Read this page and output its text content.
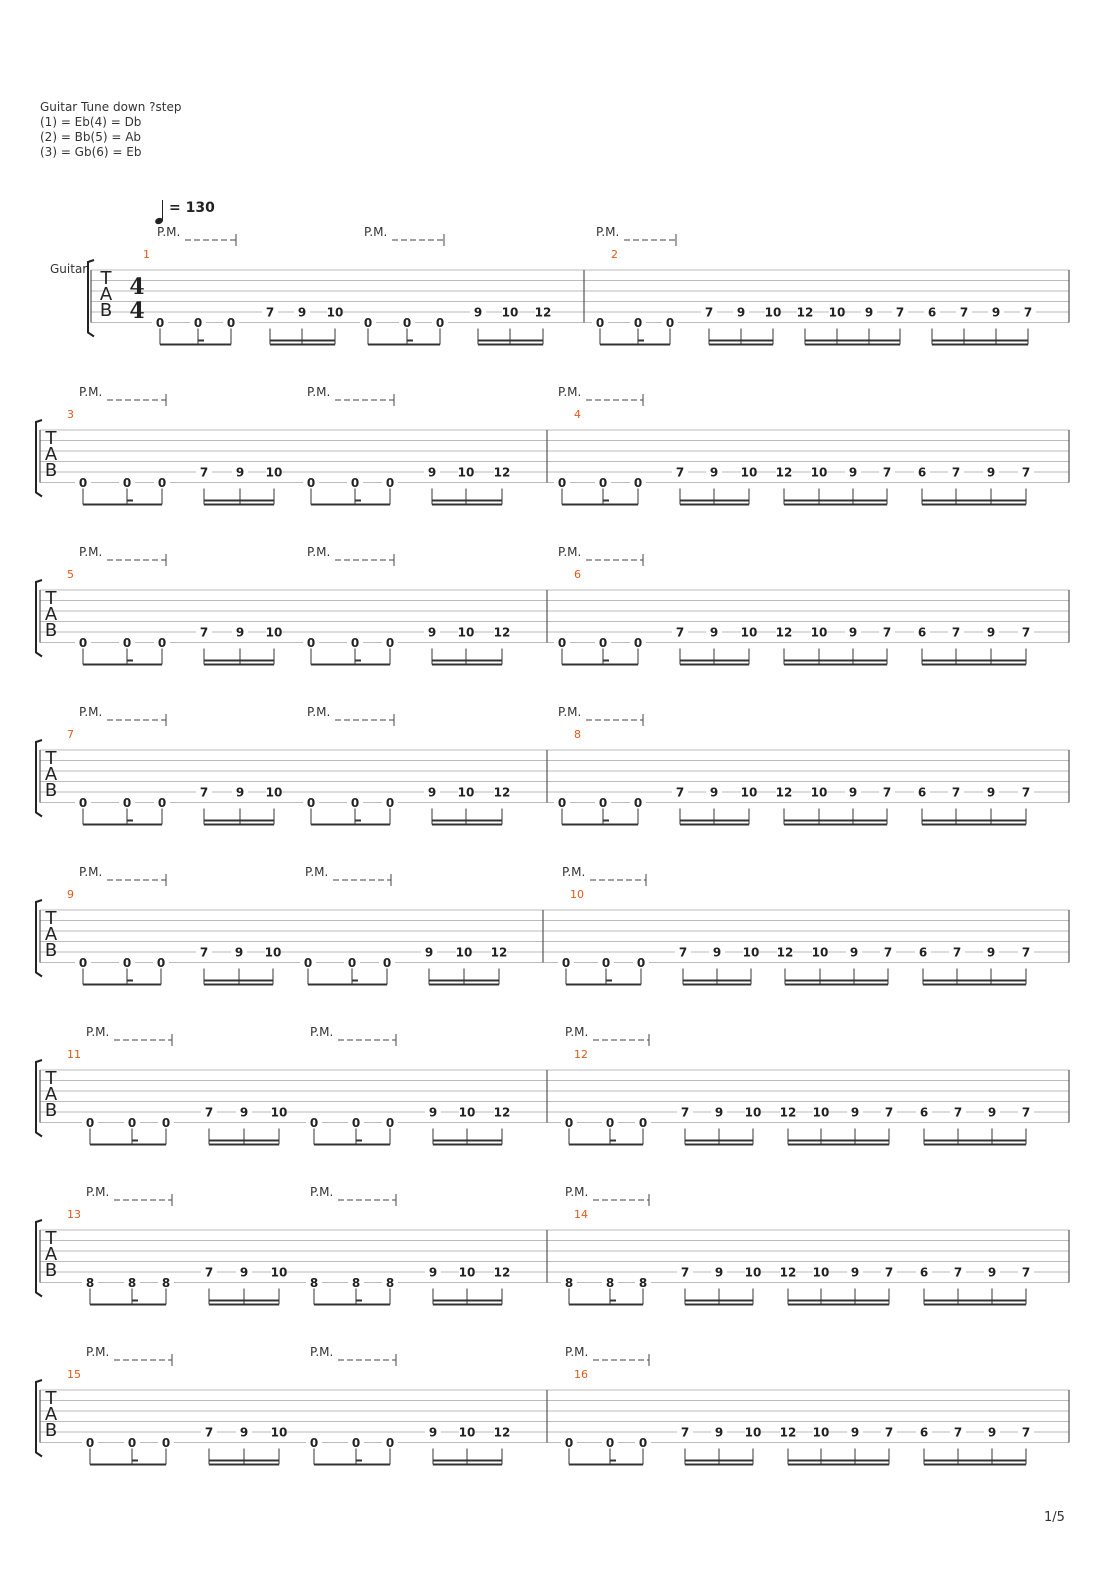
Guitar Tune down ?step
(1) = Eb(4) = Db
(2) = Bb(5) = Ab
(3) = Gb(6) = Eb
= 130
Guitar T
A
B
4
4
1
0 0 0
7 9 10
0	0 0
9 10 12
P.M.	P.M.
2
0 0 0
7 9 10 12 10 9 7 6 7 9 7
P.M.
T
A
B
3
0	0 0
7 9 10
0	0 0
9 10 12
P.M.	P.M.
4
0	0 0
7 9 10 12 10 9 7 6 7 9 7
P.M.
T
A
B
5
0	0 0
7 9 10
0	0 0
9 10 12
P.M.	P.M.
6
0	0 0
7 9 10 12 10 9 7 6 7 9 7
P.M.
T
A
B
7
0	0 0
7 9 10
0	0 0
9 10 12
P.M.	P.M.
8
0	0 0
7 9 10 12 10 9 7 6 7 9 7
P.M.
T
A
B
9
0	0 0
7 9 10
0	0 0
9 10 12
P.M.	P.M.
10
0	0 0
7 9 10 12 10 9 7 6 7 9 7
P.M.
T
A
B
11
0	0 0
7 9 10
0	0 0
9 10 12
P.M.	P.M.
12
0	0 0
7 9 10 12 10 9 7 6 7 9 7
P.M.
T
A
B
13
8	8 8
7 9 10
8	8 8
9 10 12
P.M.	P.M.
14
8	8 8
7 9 10 12 10 9 7 6 7 9 7
P.M.
T
A
B
15
0	0 0
7 9 10
0	0 0
9 10 12
P.M.	P.M.
16
0	0 0
7 9 10 12 10 9 7 6 7 9 7
P.M.
1/5
